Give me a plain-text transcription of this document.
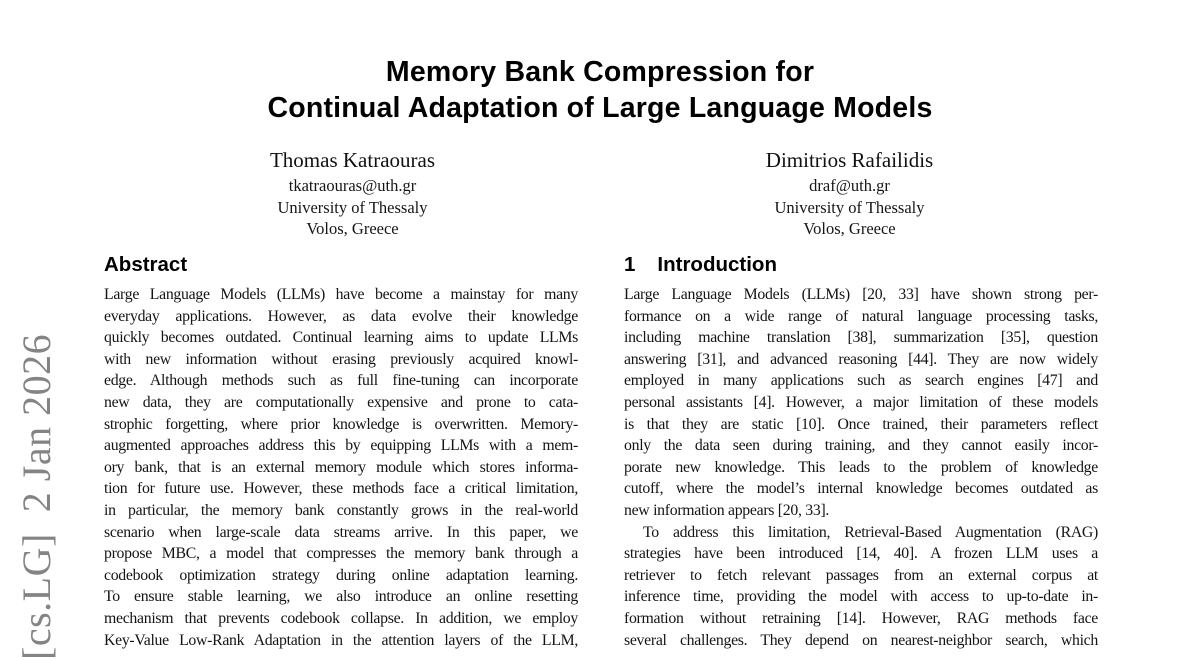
[cs.LG]  2 Jan 2026
Memory Bank Compression for
Continual Adaptation of Large Language Models
Thomas Katraouras
tkatraouras@uth.gr
University of Thessaly
Volos, Greece
Dimitrios Rafailidis
draf@uth.gr
University of Thessaly
Volos, Greece
Abstract
Large Language Models (LLMs) have become a mainstay for many
everyday applications. However, as data evolve their knowledge
quickly becomes outdated. Continual learning aims to update LLMs
with new information without erasing previously acquired knowl-
edge. Although methods such as full fine-tuning can incorporate
new data, they are computationally expensive and prone to cata-
strophic forgetting, where prior knowledge is overwritten. Memory-
augmented approaches address this by equipping LLMs with a mem-
ory bank, that is an external memory module which stores informa-
tion for future use. However, these methods face a critical limitation,
in particular, the memory bank constantly grows in the real-world
scenario when large-scale data streams arrive. In this paper, we
propose MBC, a model that compresses the memory bank through a
codebook optimization strategy during online adaptation learning.
To ensure stable learning, we also introduce an online resetting
mechanism that prevents codebook collapse. In addition, we employ
Key-Value Low-Rank Adaptation in the attention layers of the LLM,
1 Introduction
Large Language Models (LLMs) [20, 33] have shown strong per-
formance on a wide range of natural language processing tasks,
including machine translation [38], summarization [35], question
answering [31], and advanced reasoning [44]. They are now widely
employed in many applications such as search engines [47] and
personal assistants [4]. However, a major limitation of these models
is that they are static [10]. Once trained, their parameters reflect
only the data seen during training, and they cannot easily incor-
porate new knowledge. This leads to the problem of knowledge
cutoff, where the model’s internal knowledge becomes outdated as
new information appears [20, 33].
To address this limitation, Retrieval-Based Augmentation (RAG)
strategies have been introduced [14, 40]. A frozen LLM uses a
retriever to fetch relevant passages from an external corpus at
inference time, providing the model with access to up-to-date in-
formation without retraining [14]. However, RAG methods face
several challenges. They depend on nearest-neighbor search, which
